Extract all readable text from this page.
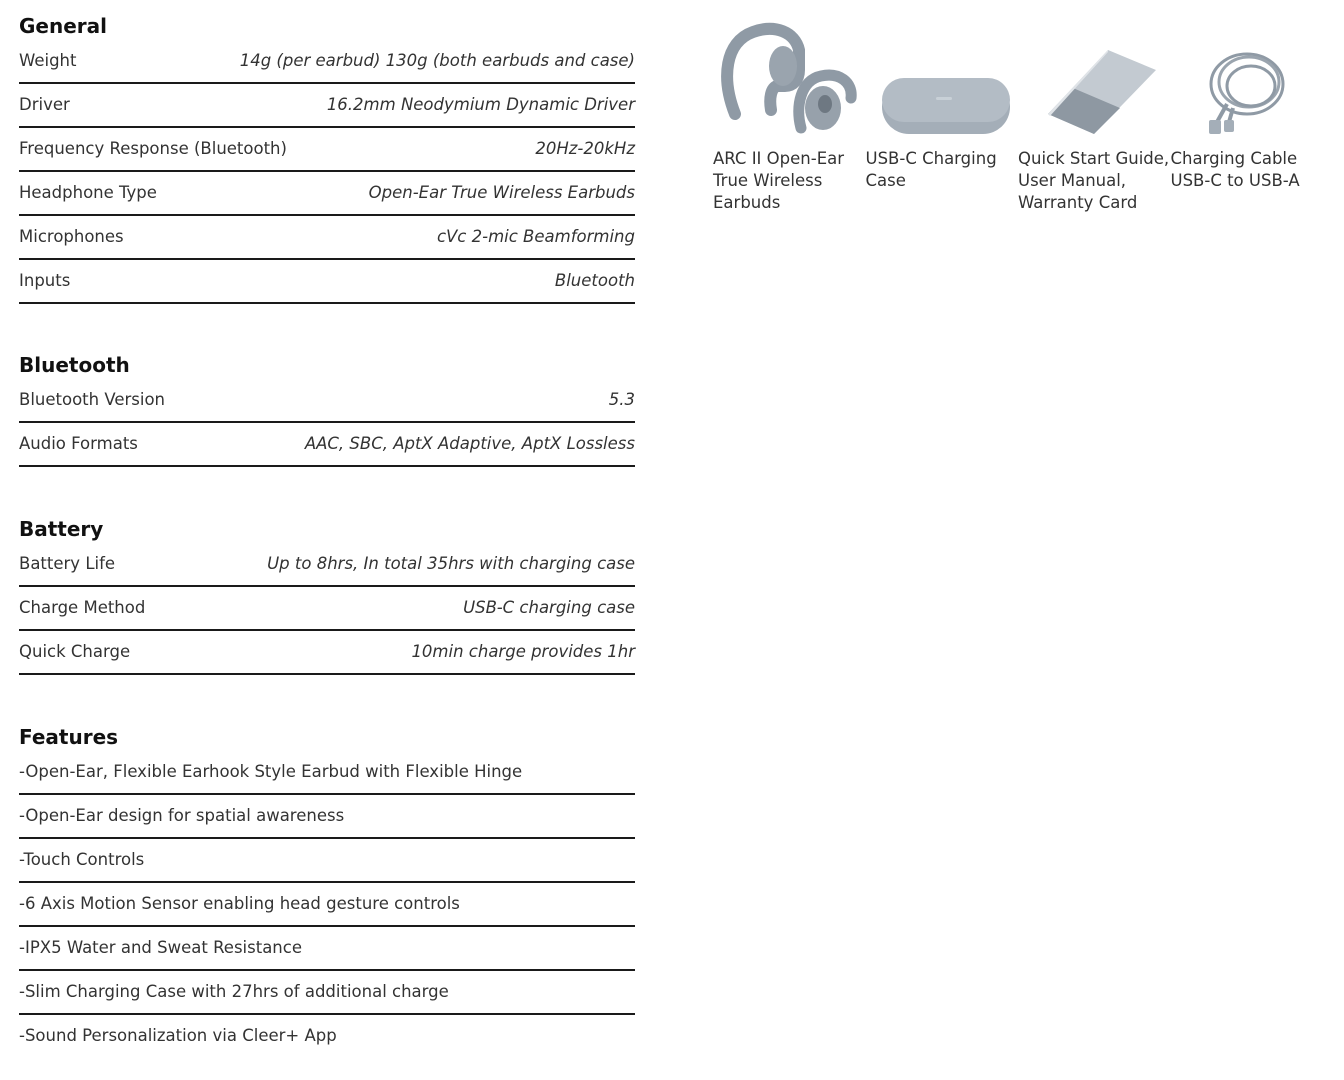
General
Weight	14g (per earbud) 130g (both earbuds and case)
Driver	16.2mm Neodymium Dynamic Driver
Frequency Response (Bluetooth)	20Hz-20kHz
Headphone Type	Open-Ear True Wireless Earbuds
Microphones	cVc 2-mic Beamforming
Inputs	Bluetooth
Bluetooth
Bluetooth Version	5.3
Audio Formats	AAC, SBC, AptX Adaptive, AptX Lossless
Battery
Battery Life	Up to 8hrs, In total 35hrs with charging case
Charge Method	USB-C charging case
Quick Charge	10min charge provides 1hr
Features
-Open-Ear, Flexible Earhook Style Earbud with Flexible Hinge
-Open-Ear design for spatial awareness
-Touch Controls
-6 Axis Motion Sensor enabling head gesture controls
-IPX5 Water and Sweat Resistance
-Slim Charging Case with 27hrs of additional charge
-Sound Personalization via Cleer+ App
ARC II Open-Ear
True Wireless
Earbuds
USB-C Charging
Case
Quick Start Guide,
User Manual,
Warranty Card
Charging Cable
USB-C to USB-A
